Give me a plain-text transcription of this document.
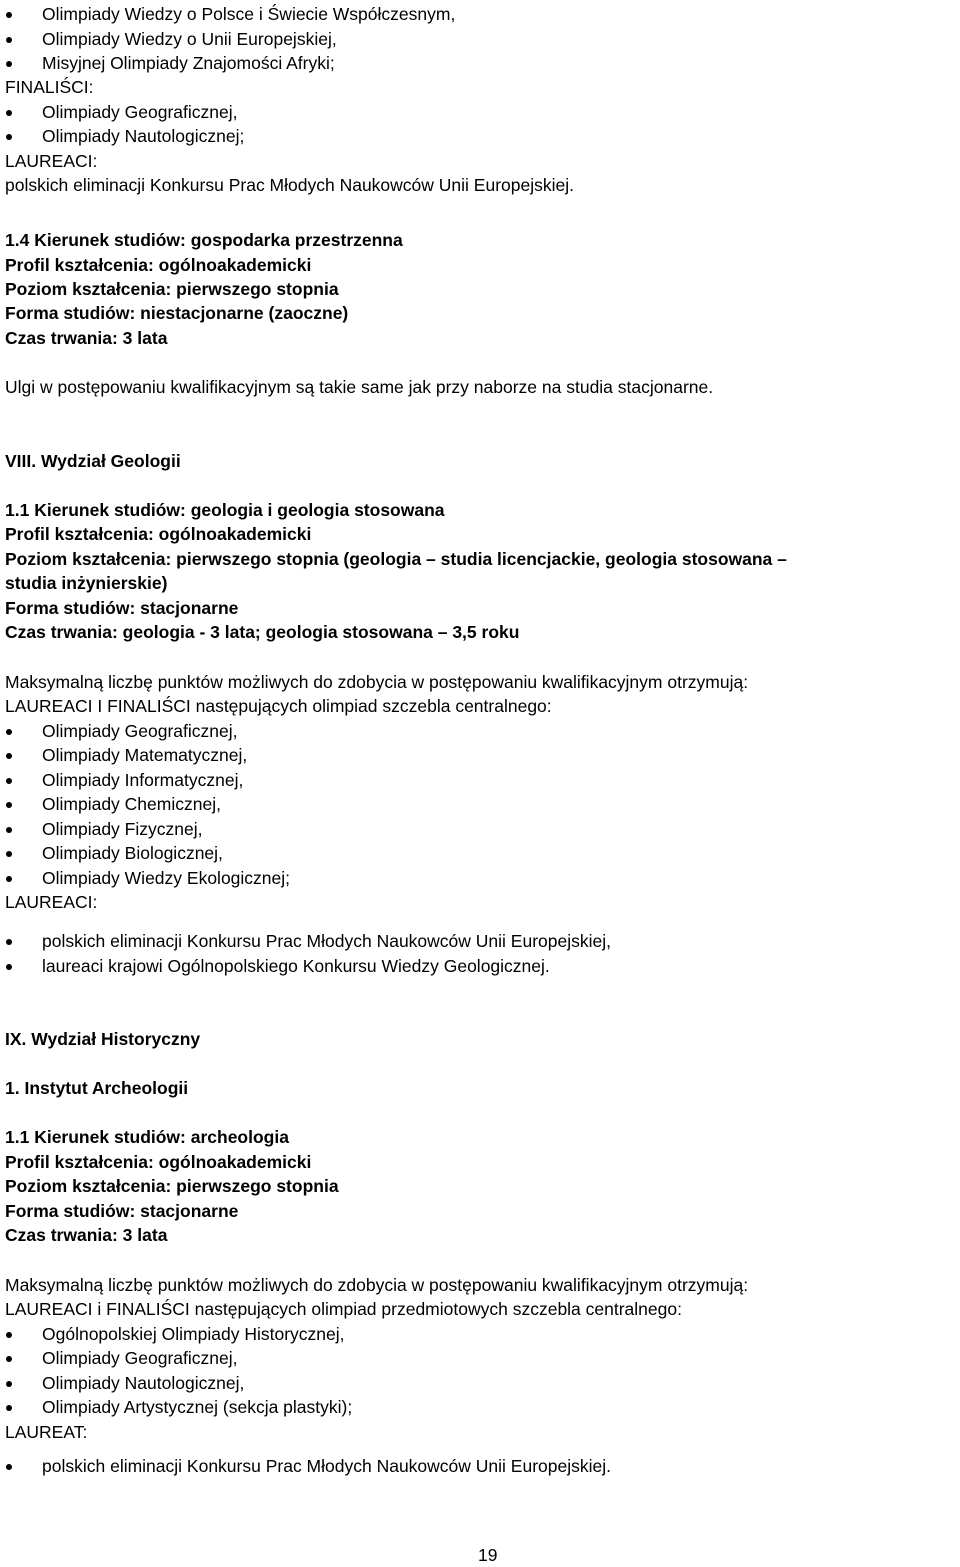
Olimpiady Wiedzy o Polsce i Świecie Współczesnym,
Olimpiady Wiedzy o Unii Europejskiej,
Misyjnej Olimpiady Znajomości Afryki;
FINALIŚCI:
Olimpiady Geograficznej,
Olimpiady Nautologicznej;
LAUREACI:
polskich eliminacji Konkursu Prac Młodych Naukowców Unii Europejskiej.
1.4 Kierunek studiów: gospodarka przestrzenna
Profil kształcenia: ogólnoakademicki
Poziom kształcenia: pierwszego stopnia
Forma studiów: niestacjonarne (zaoczne)
Czas trwania: 3 lata
Ulgi w postępowaniu kwalifikacyjnym są takie same jak przy naborze na studia stacjonarne.
VIII. Wydział Geologii
1.1 Kierunek studiów: geologia i geologia stosowana
Profil kształcenia: ogólnoakademicki
Poziom kształcenia: pierwszego stopnia (geologia – studia licencjackie, geologia stosowana –
studia inżynierskie)
Forma studiów: stacjonarne
Czas trwania: geologia - 3 lata; geologia stosowana – 3,5 roku
Maksymalną liczbę punktów możliwych do zdobycia w postępowaniu kwalifikacyjnym otrzymują:
LAUREACI I FINALIŚCI następujących olimpiad szczebla centralnego:
Olimpiady Geograficznej,
Olimpiady Matematycznej,
Olimpiady Informatycznej,
Olimpiady Chemicznej,
Olimpiady Fizycznej,
Olimpiady Biologicznej,
Olimpiady Wiedzy Ekologicznej;
LAUREACI:
polskich eliminacji Konkursu Prac Młodych Naukowców Unii Europejskiej,
laureaci krajowi Ogólnopolskiego Konkursu Wiedzy Geologicznej.
IX. Wydział Historyczny
1. Instytut Archeologii
1.1 Kierunek studiów: archeologia
Profil kształcenia: ogólnoakademicki
Poziom kształcenia: pierwszego stopnia
Forma studiów: stacjonarne
Czas trwania: 3 lata
Maksymalną liczbę punktów możliwych do zdobycia w postępowaniu kwalifikacyjnym otrzymują:
LAUREACI i FINALIŚCI następujących olimpiad przedmiotowych szczebla centralnego:
Ogólnopolskiej Olimpiady Historycznej,
Olimpiady Geograficznej,
Olimpiady Nautologicznej,
Olimpiady Artystycznej (sekcja plastyki);
LAUREAT:
polskich eliminacji Konkursu Prac Młodych Naukowców Unii Europejskiej.
19
